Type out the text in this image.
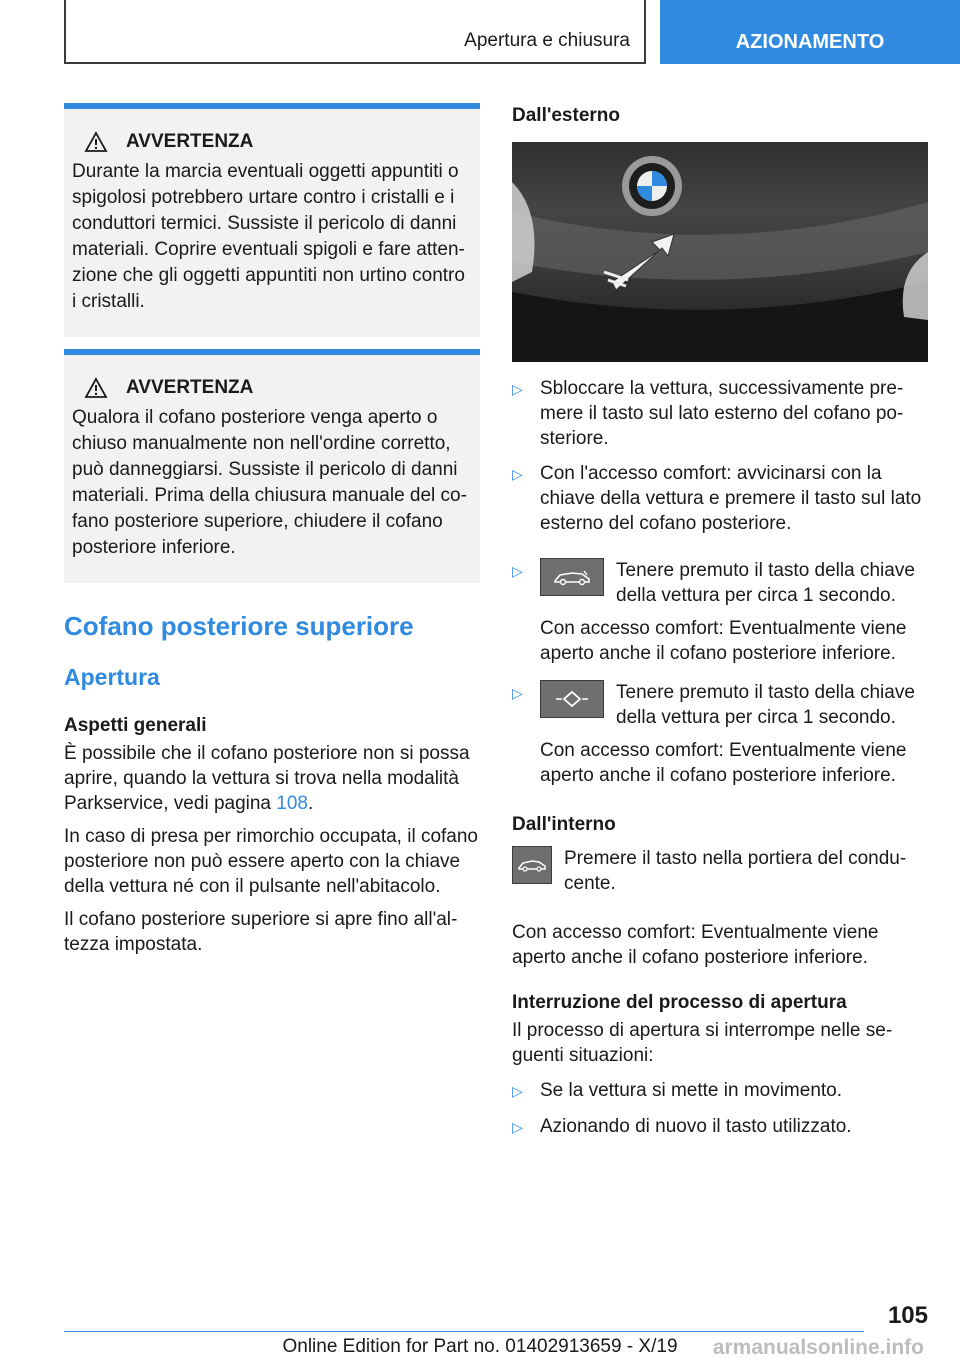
Apertura e chiusura	AZIONAMENTO
AVVERTENZA

Durante la marcia eventuali oggetti appuntiti o spigolosi potrebbero urtare contro i cristalli e i conduttori termici. Sussiste il pericolo di danni materiali. Coprire eventuali spigoli e fare atten-zione che gli oggetti appuntiti non urtino contro i cristalli.

AVVERTENZA

Qualora il cofano posteriore venga aperto o chiuso manualmente non nell'ordine corretto, può danneggiarsi. Sussiste il pericolo di danni materiali. Prima della chiusura manuale del co-fano posteriore superiore, chiudere il cofano posteriore inferiore.

Cofano posteriore superiore
Apertura
Aspetti generali

È possibile che il cofano posteriore non si possa aprire, quando la vettura si trova nella modalità Parkservice, vedi pagina 108.

In caso di presa per rimorchio occupata, il cofano posteriore non può essere aperto con la chiave della vettura né con il pulsante nell'abitacolo.

Il cofano posteriore superiore si apre fino all'al-tezza impostata.

Dall'esterno
▷ Sbloccare la vettura, successivamente pre-mere il tasto sul lato esterno del cofano po-steriore.
▷ Con l'accesso comfort: avvicinarsi con la chiave della vettura e premere il tasto sul lato esterno del cofano posteriore.
▷	Tenere premuto il tasto della chiave della vettura per circa 1 secondo.
Con accesso comfort: Eventualmente viene aperto anche il cofano posteriore inferiore.
▷	Tenere premuto il tasto della chiave della vettura per circa 1 secondo.
Con accesso comfort: Eventualmente viene aperto anche il cofano posteriore inferiore.
Dall'interno
Premere il tasto nella portiera del condu-cente.

Con accesso comfort: Eventualmente viene aperto anche il cofano posteriore inferiore.

Interruzione del processo di apertura

Il processo di apertura si interrompe nelle se-guenti situazioni:

▷ Se la vettura si mette in movimento.
▷ Azionando di nuovo il tasto utilizzato.
105
Online Edition for Part no. 01402913659 - X/19	armanualsonline.info
